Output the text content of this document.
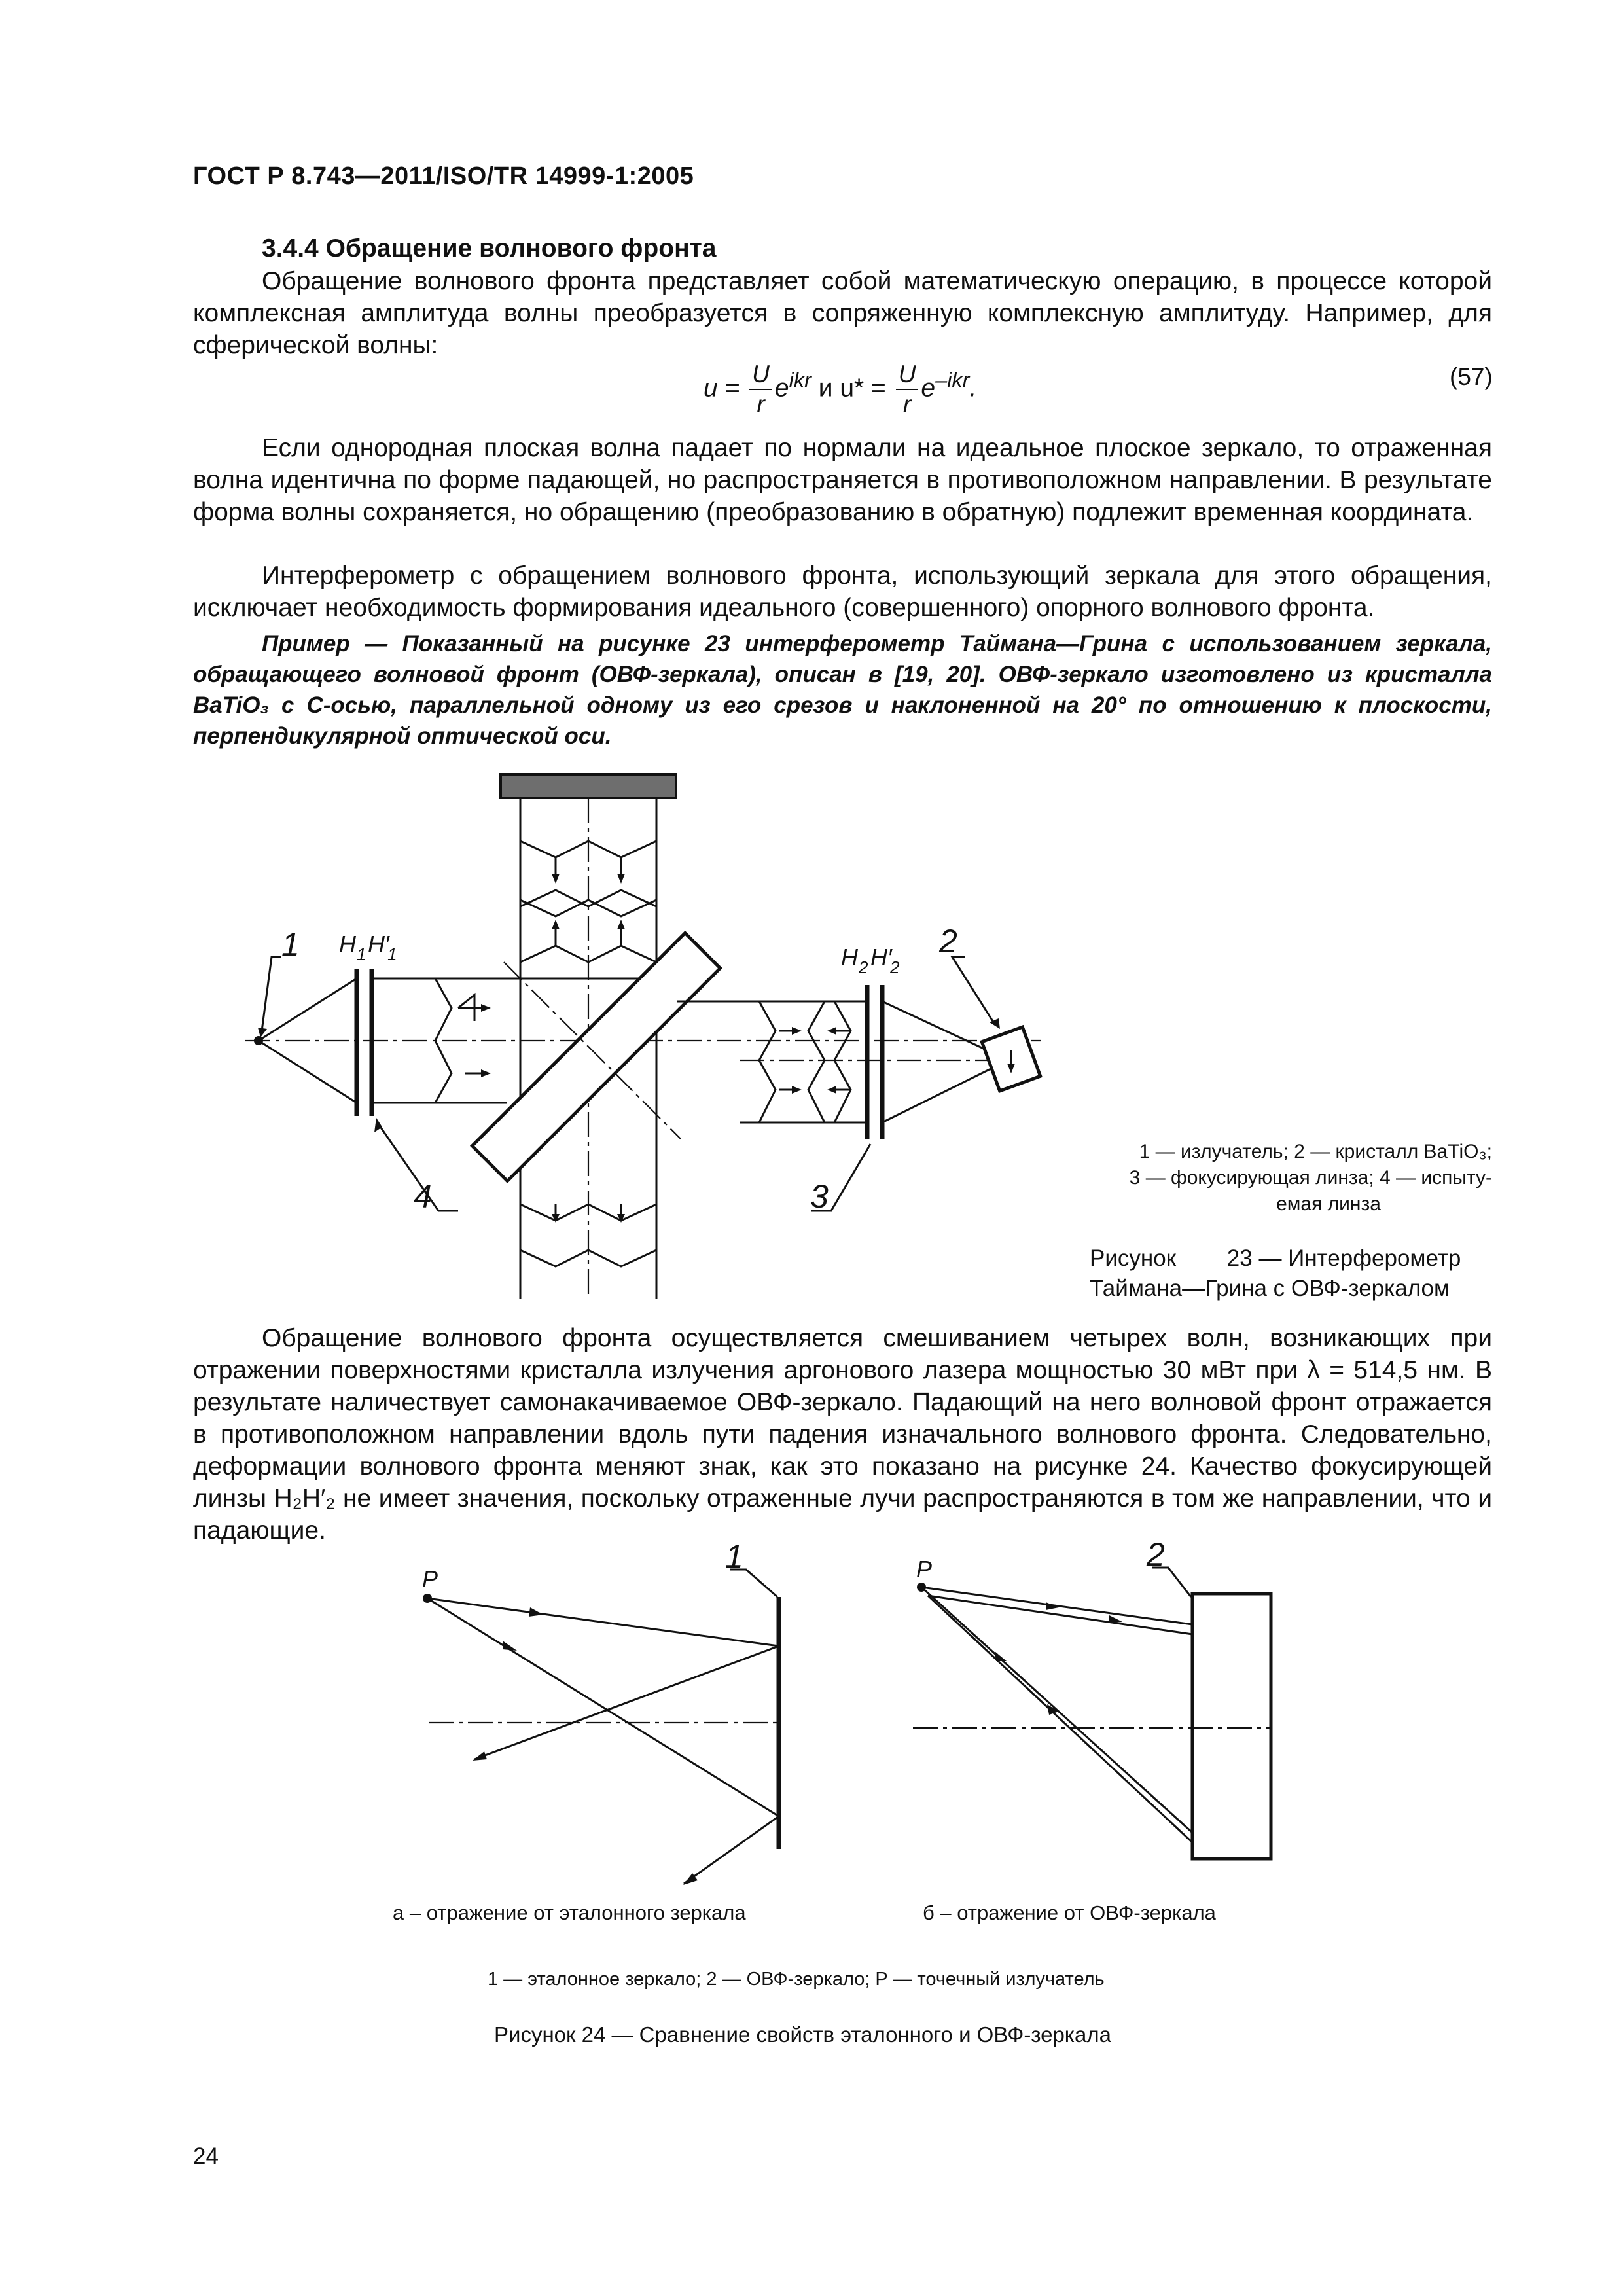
ГОСТ Р 8.743—2011/ISO/TR 14999-1:2005
3.4.4 Обращение волнового фронта
Обращение волнового фронта представляет собой математическую операцию, в процессе которой комплексная амплитуда волны преобразуется в сопряженную комплексную амплитуду. Например, для сферической волны:
$u = \frac{U}{r} e^{ikr}$ и $u* = \frac{U}{r} e^{-ikr}$.	(57)
Если однородная плоская волна падает по нормали на идеальное плоское зеркало, то отраженная волна идентична по форме падающей, но распространяется в противоположном направлении. В результате форма волны сохраняется, но обращению (преобразованию в обратную) подлежит временная координата.
Интерферометр с обращением волнового фронта, использующий зеркала для этого обращения, исключает необходимость формирования идеального (совершенного) опорного волнового фронта.
Пример — Показанный на рисунке 23 интерферометр Таймана—Грина с использованием зеркала, обращающего волновой фронт (ОВФ-зеркала), описан в [19, 20]. ОВФ-зеркало изготовлено из кристалла BaTiO₃ с С-осью, параллельной одному из его срезов и наклоненной на 20° по отношению к плоскости, перпендикулярной оптической оси.
1 H 1 H′
1	H 2 H′
2
2
4	3
P
1	P	2
1 — излучатель; 2 — кристалл BaTiO₃;
3 — фокусирующая линза; 4 — испыту-
емая линза
Рисунок        23 — Интерферометр
Таймана—Грина с ОВФ-зеркалом
Обращение волнового фронта осуществляется смешиванием четырех волн, возникающих при отражении поверхностями кристалла излучения аргонового лазера мощностью 30 мВт при λ = 514,5 нм. В результате наличествует самонакачиваемое ОВФ-зеркало. Падающий на него волновой фронт отражается в противоположном направлении вдоль пути падения изначального волнового фронта. Следовательно, деформации волнового фронта меняют знак, как это показано на рисунке 24. Качество фокусирующей линзы H₂H′₂ не имеет значения, поскольку отраженные лучи распространяются в том же направлении, что и падающие.
а – отражение от эталонного зеркала	б – отражение от ОВФ-зеркала
1 — эталонное зеркало; 2 — ОВФ-зеркало; P — точечный излучатель
Рисунок 24 — Сравнение свойств эталонного и ОВФ-зеркала
24
